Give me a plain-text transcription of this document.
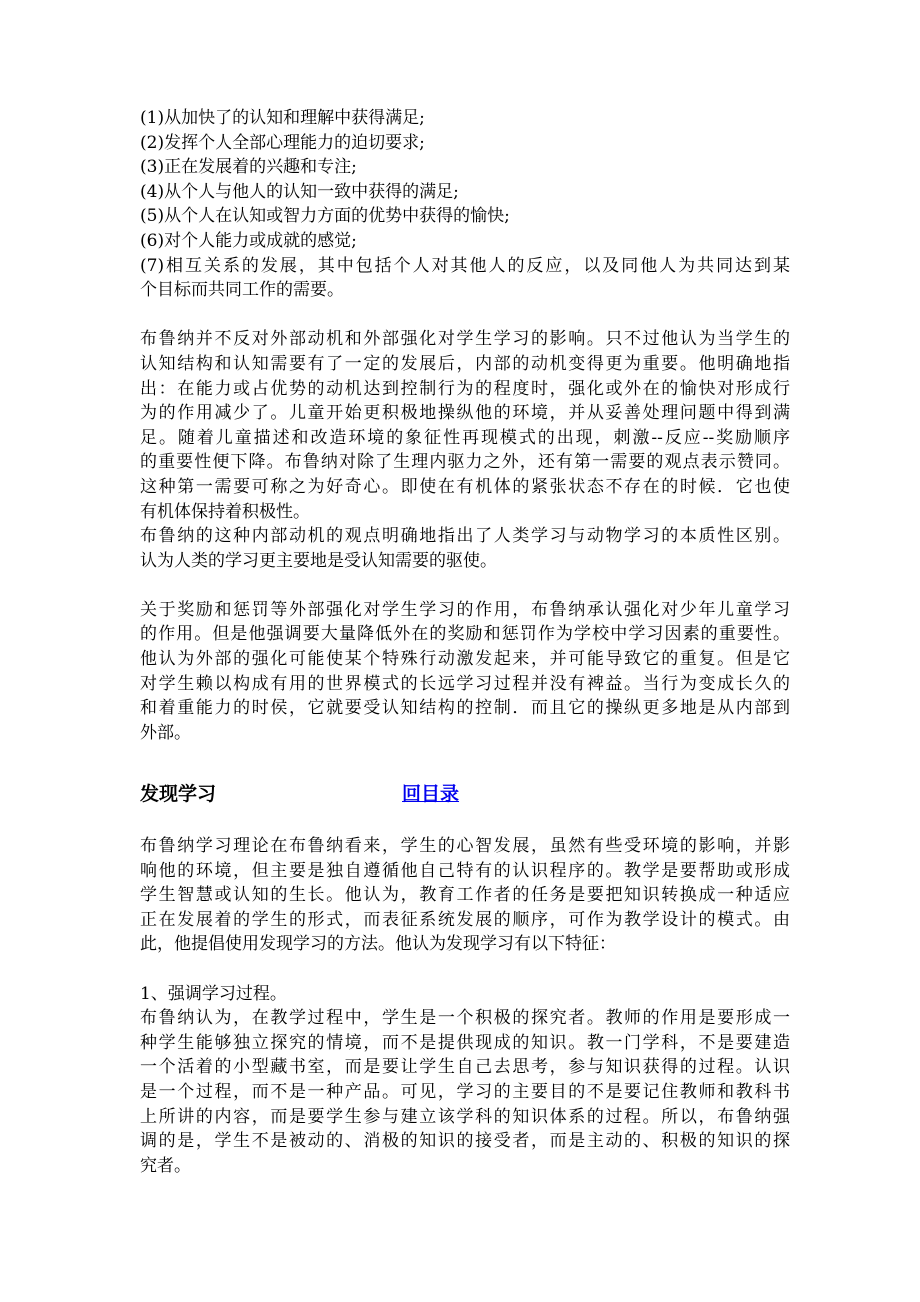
(1)从加快了的认知和理解中获得满足;
(2)发挥个人全部心理能力的迫切要求;
(3)正在发展着的兴趣和专注;
(4)从个人与他人的认知一致中获得的满足;
(5)从个人在认知或智力方面的优势中获得的愉快;
(6)对个人能力或成就的感觉;
(7)相互关系的发展，其中包括个人对其他人的反应，以及同他人为共同达到某
个目标而共同工作的需要。
布鲁纳并不反对外部动机和外部强化对学生学习的影响。只不过他认为当学生的
认知结构和认知需要有了一定的发展后，内部的动机变得更为重要。他明确地指
出：在能力或占优势的动机达到控制行为的程度时，强化或外在的愉快对形成行
为的作用减少了。儿童开始更积极地操纵他的环境，并从妥善处理问题中得到满
足。随着儿童描述和改造环境的象征性再现模式的出现，刺激--反应--奖励顺序
的重要性便下降。布鲁纳对除了生理内驱力之外，还有第一需要的观点表示赞同。
这种第一需要可称之为好奇心。即使在有机体的紧张状态不存在的时候．它也使
有机体保持着积极性。
布鲁纳的这种内部动机的观点明确地指出了人类学习与动物学习的本质性区别。
认为人类的学习更主要地是受认知需要的驱使。
关于奖励和惩罚等外部强化对学生学习的作用，布鲁纳承认强化对少年儿童学习
的作用。但是他强调要大量降低外在的奖励和惩罚作为学校中学习因素的重要性。
他认为外部的强化可能使某个特殊行动激发起来，并可能导致它的重复。但是它
对学生赖以构成有用的世界模式的长远学习过程并没有裨益。当行为变成长久的
和着重能力的时侯，它就要受认知结构的控制．而且它的操纵更多地是从内部到
外部。
发现学习	回目录
布鲁纳学习理论在布鲁纳看来，学生的心智发展，虽然有些受环境的影响，并影
响他的环境，但主要是独自遵循他自己特有的认识程序的。教学是要帮助或形成
学生智慧或认知的生长。他认为，教育工作者的任务是要把知识转换成一种适应
正在发展着的学生的形式，而表征系统发展的顺序，可作为教学设计的模式。由
此，他提倡使用发现学习的方法。他认为发现学习有以下特征：
1、强调学习过程。
布鲁纳认为，在教学过程中，学生是一个积极的探究者。教师的作用是要形成一
种学生能够独立探究的情境，而不是提供现成的知识。教一门学科，不是要建造
一个活着的小型藏书室，而是要让学生自己去思考，参与知识获得的过程。认识
是一个过程，而不是一种产品。可见，学习的主要目的不是要记住教师和教科书
上所讲的内容，而是要学生参与建立该学科的知识体系的过程。所以，布鲁纳强
调的是，学生不是被动的、消极的知识的接受者，而是主动的、积极的知识的探
究者。
